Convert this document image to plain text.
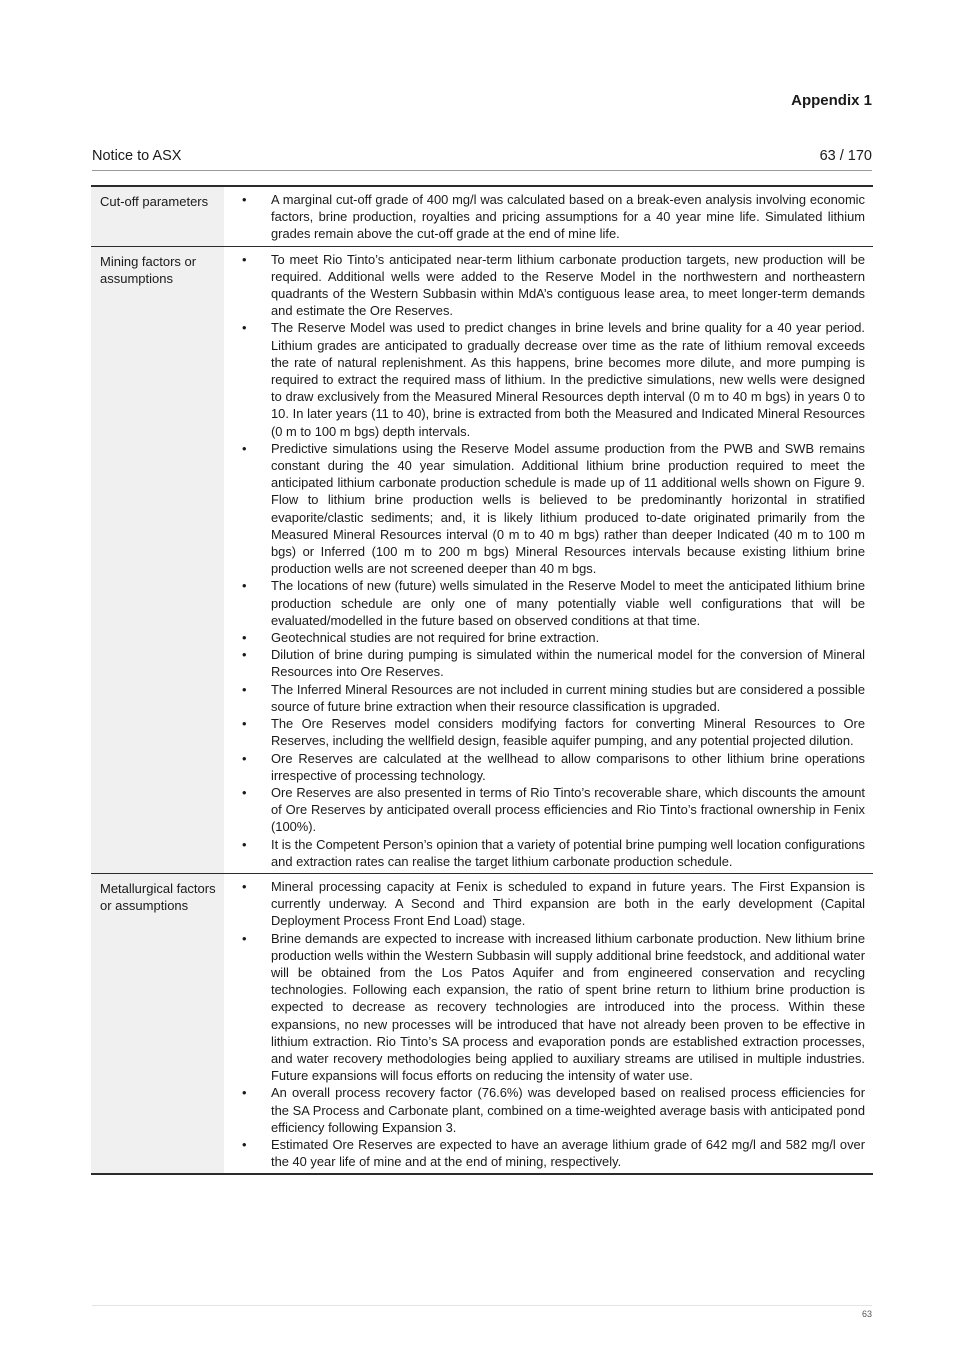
Appendix 1
Notice to ASX	63 / 170
Cut-off parameters
•	A marginal cut-off grade of 400 mg/l was calculated based on a break-even analysis involving economic factors, brine production, royalties and pricing assumptions for a 40 year mine life. Simulated lithium grades remain above the cut-off grade at the end of mine life.
Mining factors or assumptions
• To meet Rio Tinto’s anticipated near-term lithium carbonate production targets, new production will be required. Additional wells were added to the Reserve Model in the northwestern and northeastern quadrants of the Western Subbasin within MdA’s contiguous lease area, to meet longer-term demands and estimate the Ore Reserves.
• The Reserve Model was used to predict changes in brine levels and brine quality for a 40 year period. Lithium grades are anticipated to gradually decrease over time as the rate of lithium removal exceeds the rate of natural replenishment. As this happens, brine becomes more dilute, and more pumping is required to extract the required mass of lithium. In the predictive simulations, new wells were designed to draw exclusively from the Measured Mineral Resources depth interval (0 m to 40 m bgs) in years 0 to 10. In later years (11 to 40), brine is extracted from both the Measured and Indicated Mineral Resources (0 m to 100 m bgs) depth intervals.
• Predictive simulations using the Reserve Model assume production from the PWB and SWB remains constant during the 40 year simulation. Additional lithium brine production required to meet the anticipated lithium carbonate production schedule is made up of 11 additional wells shown on Figure 9. Flow to lithium brine production wells is believed to be predominantly horizontal in stratified evaporite/clastic sediments; and, it is likely lithium produced to-date originated primarily from the Measured Mineral Resources interval (0 m to 40 m bgs) rather than deeper Indicated (40 m to 100 m bgs) or Inferred (100 m to 200 m bgs) Mineral Resources intervals because existing lithium brine production wells are not screened deeper than 40 m bgs.
• The locations of new (future) wells simulated in the Reserve Model to meet the anticipated lithium brine production schedule are only one of many potentially viable well configurations that will be evaluated/modelled in the future based on observed conditions at that time.
• Geotechnical studies are not required for brine extraction.
• Dilution of brine during pumping is simulated within the numerical model for the conversion of Mineral Resources into Ore Reserves.
• The Inferred Mineral Resources are not included in current mining studies but are considered a possible source of future brine extraction when their resource classification is upgraded.
• The Ore Reserves model considers modifying factors for converting Mineral Resources to Ore Reserves, including the wellfield design, feasible aquifer pumping, and any potential projected dilution.
• Ore Reserves are calculated at the wellhead to allow comparisons to other lithium brine operations irrespective of processing technology.
• Ore Reserves are also presented in terms of Rio Tinto’s recoverable share, which discounts the amount of Ore Reserves by anticipated overall process efficiencies and Rio Tinto’s fractional ownership in Fenix (100%).
• It is the Competent Person’s opinion that a variety of potential brine pumping well location configurations and extraction rates can realise the target lithium carbonate production schedule.
Metallurgical factors or assumptions
• Mineral processing capacity at Fenix is scheduled to expand in future years. The First Expansion is currently underway. A Second and Third expansion are both in the early development (Capital Deployment Process Front End Load) stage.
• Brine demands are expected to increase with increased lithium carbonate production. New lithium brine production wells within the Western Subbasin will supply additional brine feedstock, and additional water will be obtained from the Los Patos Aquifer and from engineered conservation and recycling technologies. Following each expansion, the ratio of spent brine return to lithium brine production is expected to decrease as recovery technologies are introduced into the process. Within these expansions, no new processes will be introduced that have not already been proven to be effective in lithium extraction. Rio Tinto’s SA process and evaporation ponds are established extraction processes, and water recovery methodologies being applied to auxiliary streams are utilised in multiple industries. Future expansions will focus efforts on reducing the intensity of water use.
• An overall process recovery factor (76.6%) was developed based on realised process efficiencies for the SA Process and Carbonate plant, combined on a time-weighted average basis with anticipated pond efficiency following Expansion 3.
• Estimated Ore Reserves are expected to have an average lithium grade of 642 mg/l and 582 mg/l over the 40 year life of mine and at the end of mining, respectively.
63
